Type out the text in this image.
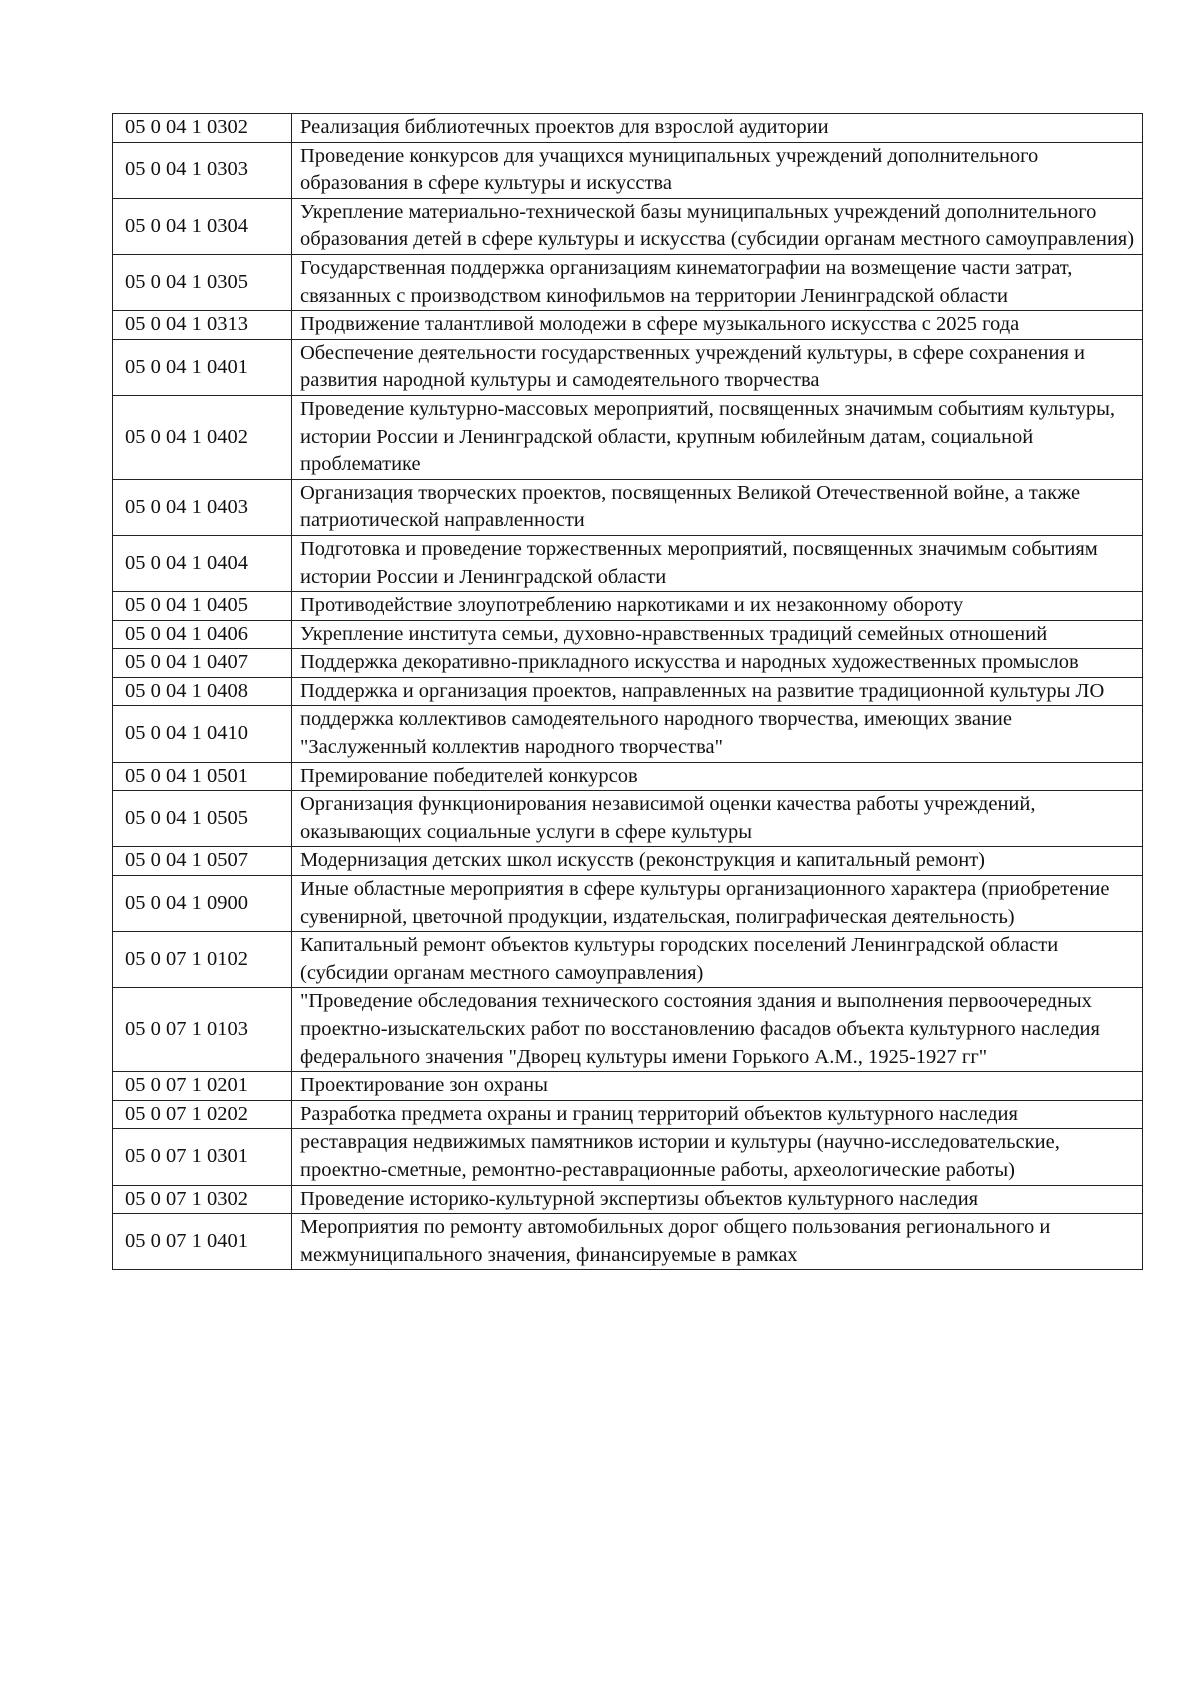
05 0 04 1 0302	Реализация библиотечных проектов для взрослой аудитории
05 0 04 1 0303	Проведение конкурсов для учащихся муниципальных учреждений дополнительного образования в сфере культуры и искусства
05 0 04 1 0304	Укрепление материально-технической базы муниципальных учреждений дополнительного образования детей в сфере культуры и искусства (субсидии органам местного самоуправления)
05 0 04 1 0305	Государственная поддержка организациям кинематографии на возмещение части затрат, связанных с производством кинофильмов на территории Ленинградской области
05 0 04 1 0313	Продвижение талантливой молодежи в сфере музыкального искусства с 2025 года
05 0 04 1 0401	Обеспечение деятельности государственных учреждений культуры, в сфере сохранения и развития народной культуры и самодеятельного творчества
05 0 04 1 0402	Проведение культурно-массовых мероприятий, посвященных значимым событиям культуры, истории России и Ленинградской области, крупным юбилейным датам, социальной проблематике
05 0 04 1 0403	Организация творческих проектов, посвященных Великой Отечественной войне, а также патриотической направленности
05 0 04 1 0404	Подготовка и проведение торжественных мероприятий, посвященных значимым событиям истории России и Ленинградской области
05 0 04 1 0405	Противодействие злоупотреблению наркотиками и их незаконному обороту
05 0 04 1 0406	Укрепление института семьи, духовно-нравственных традиций семейных отношений
05 0 04 1 0407	Поддержка декоративно-прикладного искусства и народных художественных промыслов
05 0 04 1 0408	Поддержка и организация проектов, направленных на развитие традиционной культуры ЛО
05 0 04 1 0410	поддержка коллективов самодеятельного народного творчества, имеющих звание "Заслуженный коллектив народного творчества"
05 0 04 1 0501	Премирование победителей конкурсов
05 0 04 1 0505	Организация функционирования независимой оценки качества работы учреждений, оказывающих социальные услуги в сфере культуры
05 0 04 1 0507	Модернизация детских школ искусств (реконструкция и капитальный ремонт)
05 0 04 1 0900	Иные областные мероприятия в сфере культуры организационного характера (приобретение сувенирной, цветочной продукции, издательская, полиграфическая деятельность)
05 0 07 1 0102	Капитальный ремонт объектов культуры городских поселений Ленинградской области (субсидии органам местного самоуправления)
05 0 07 1 0103	"Проведение обследования технического состояния здания и выполнения первоочередных проектно-изыскательских работ по восстановлению фасадов объекта культурного наследия федерального значения "Дворец культуры имени Горького А.М., 1925-1927 гг"
05 0 07 1 0201	Проектирование зон охраны
05 0 07 1 0202	Разработка предмета охраны и границ территорий объектов культурного наследия
05 0 07 1 0301	реставрация недвижимых памятников истории и культуры (научно-исследовательские, проектно-сметные, ремонтно-реставрационные работы, археологические работы)
05 0 07 1 0302	Проведение историко-культурной экспертизы объектов культурного наследия
05 0 07 1 0401	Мероприятия по ремонту автомобильных дорог общего пользования регионального и межмуниципального значения, финансируемые в рамках
